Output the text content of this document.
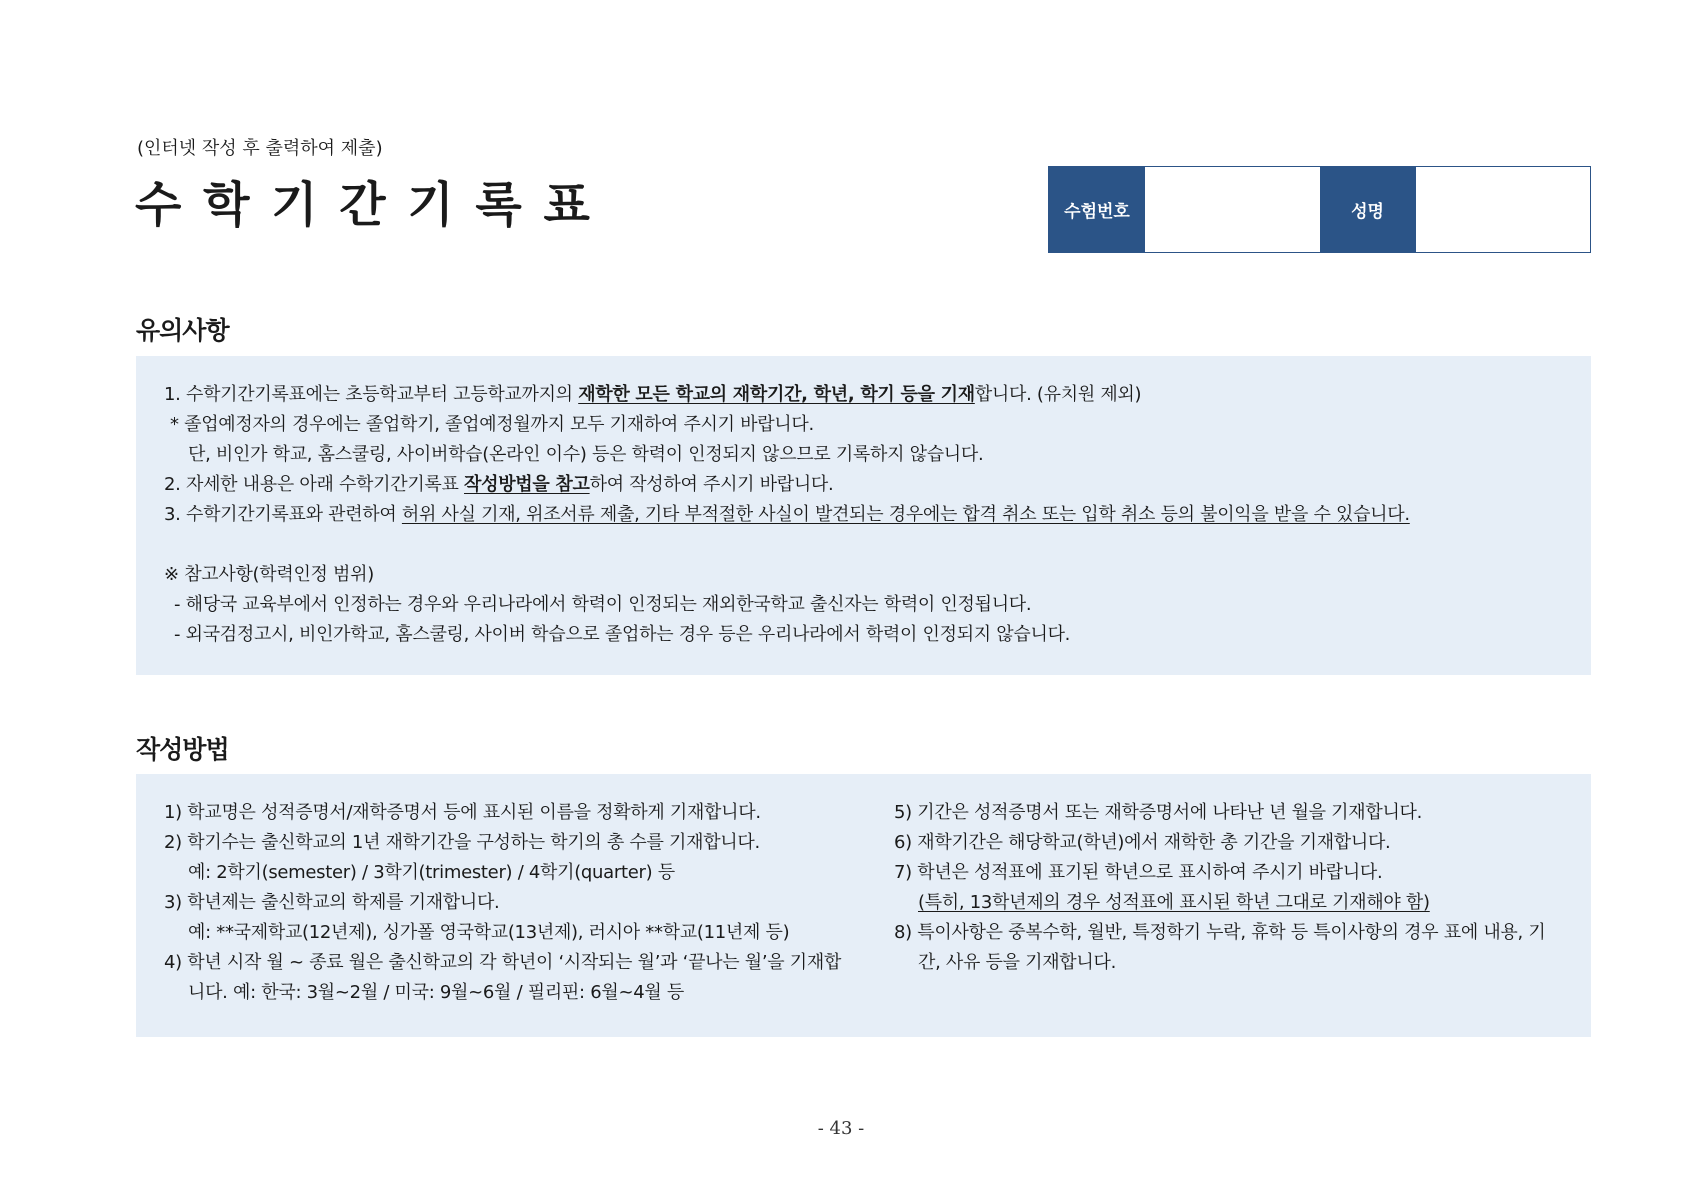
(인터넷 작성 후 출력하여 제출)
수 학 기 간 기 록 표	수험번호	성명
유의사항
1. 수학기간기록표에는 초등학교부터 고등학교까지의 재학한 모든 학교의 재학기간, 학년, 학기 등을 기재합니다. (유치원 제외)
* 졸업예정자의 경우에는 졸업학기, 졸업예정월까지 모두 기재하여 주시기 바랍니다.
단, 비인가 학교, 홈스쿨링, 사이버학습(온라인 이수) 등은 학력이 인정되지 않으므로 기록하지 않습니다.
2. 자세한 내용은 아래 수학기간기록표 작성방법을 참고하여 작성하여 주시기 바랍니다.
3. 수학기간기록표와 관련하여 허위 사실 기재, 위조서류 제출, 기타 부적절한 사실이 발견되는 경우에는 합격 취소 또는 입학 취소 등의 불이익을 받을 수 있습니다.
※ 참고사항(학력인정 범위)
- 해당국 교육부에서 인정하는 경우와 우리나라에서 학력이 인정되는 재외한국학교 출신자는 학력이 인정됩니다.
- 외국검정고시, 비인가학교, 홈스쿨링, 사이버 학습으로 졸업하는 경우 등은 우리나라에서 학력이 인정되지 않습니다.
작성방법
1) 학교명은 성적증명서/재학증명서 등에 표시된 이름을 정확하게 기재합니다.
2) 학기수는 출신학교의 1년 재학기간을 구성하는 학기의 총 수를 기재합니다.
예: 2학기(semester) / 3학기(trimester) / 4학기(quarter) 등
3) 학년제는 출신학교의 학제를 기재합니다.
예: **국제학교(12년제), 싱가폴 영국학교(13년제), 러시아 **학교(11년제 등)
4) 학년 시작 월 ~ 종료 월은 출신학교의 각 학년이 ‘시작되는 월’과 ‘끝나는 월’을 기재합
니다. 예: 한국: 3월~2월 / 미국: 9월~6월 / 필리핀: 6월~4월 등
5) 기간은 성적증명서 또는 재학증명서에 나타난 년 월을 기재합니다.
6) 재학기간은 해당학교(학년)에서 재학한 총 기간을 기재합니다.
7) 학년은 성적표에 표기된 학년으로 표시하여 주시기 바랍니다.
(특히, 13학년제의 경우 성적표에 표시된 학년 그대로 기재해야 함)
8) 특이사항은 중복수학, 월반, 특정학기 누락, 휴학 등 특이사항의 경우 표에 내용, 기
간, 사유 등을 기재합니다.
- 43 -
